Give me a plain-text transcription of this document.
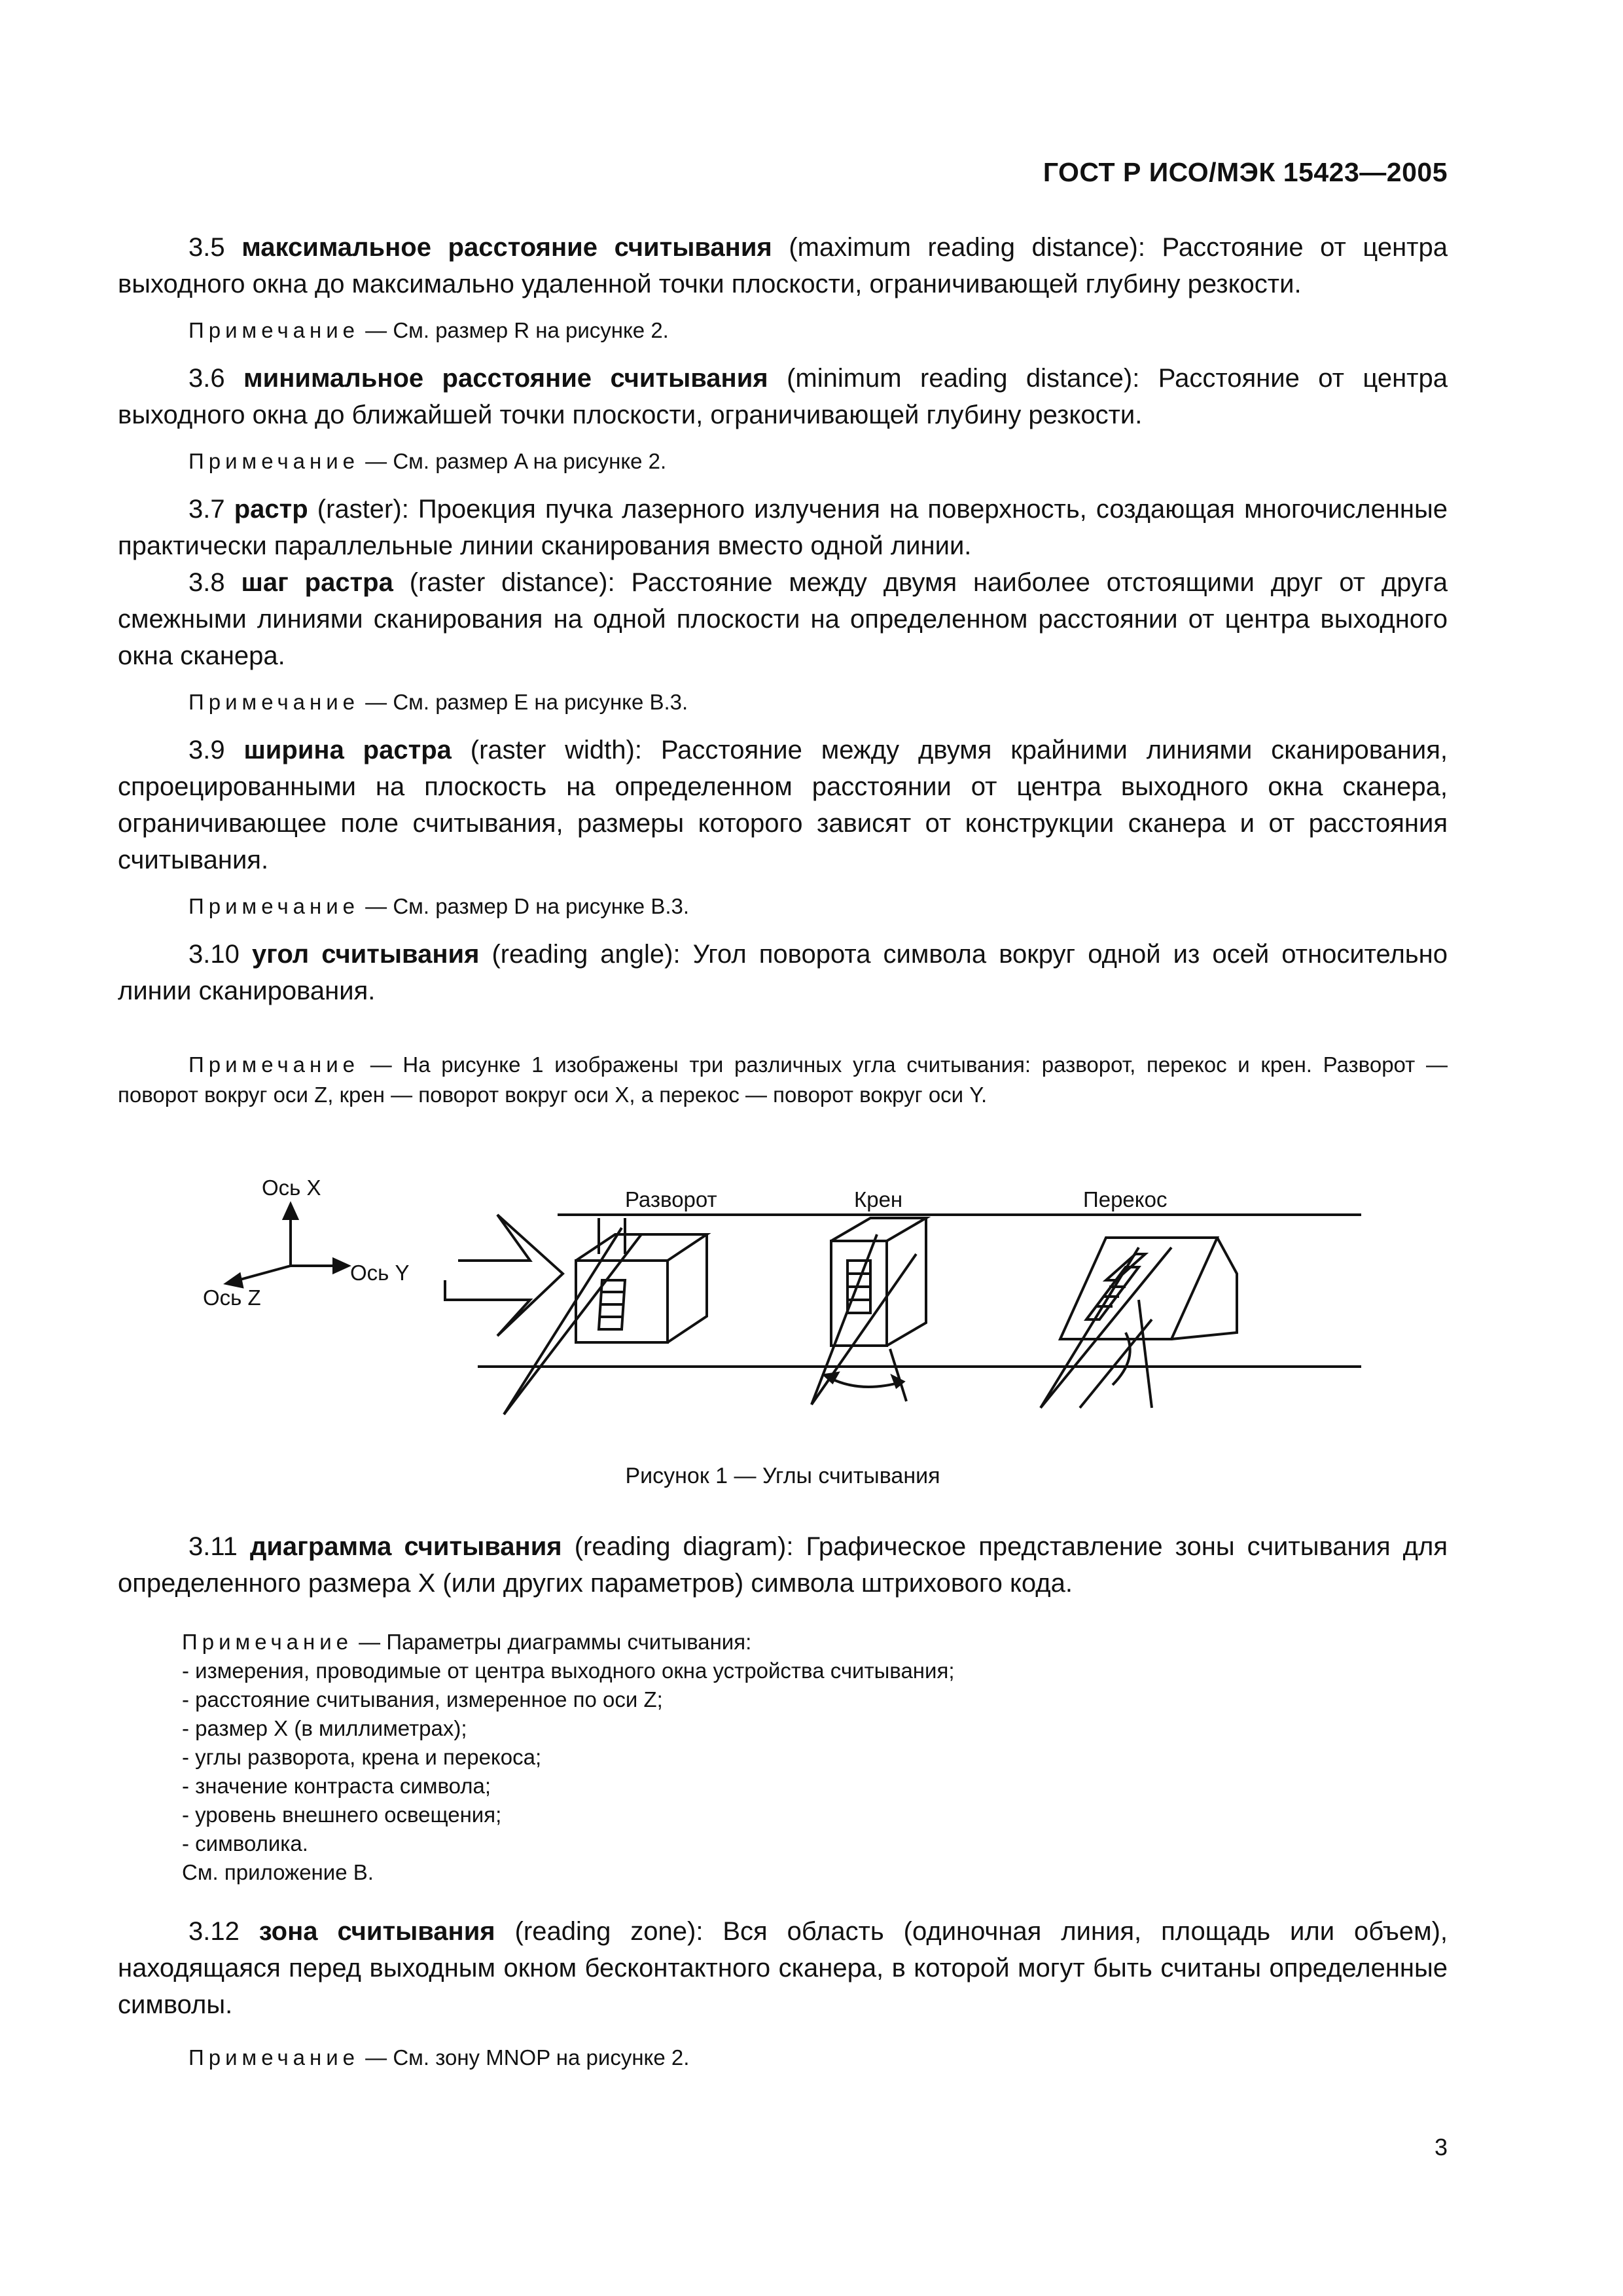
ГОСТ Р ИСО/МЭК 15423—2005

3.5 максимальное расстояние считывания (maximum reading distance): Расстояние от центра выходного окна до максимально удаленной точки плоскости, ограничивающей глубину резкости.

Примечание — См. размер R на рисунке 2.

3.6 минимальное расстояние считывания (minimum reading distance): Расстояние от центра выходного окна до ближайшей точки плоскости, ограничивающей глубину резкости.

Примечание — См. размер A на рисунке 2.

3.7 растр (raster): Проекция пучка лазерного излучения на поверхность, создающая многочисленные практически параллельные линии сканирования вместо одной линии.

3.8 шаг растра (raster distance): Расстояние между двумя наиболее отстоящими друг от друга смежными линиями сканирования на одной плоскости на определенном расстоянии от центра выходного окна сканера.

Примечание — См. размер E на рисунке B.3.

3.9 ширина растра (raster width): Расстояние между двумя крайними линиями сканирования, спроецированными на плоскость на определенном расстоянии от центра выходного окна сканера, ограничивающее поле считывания, размеры которого зависят от конструкции сканера и от расстояния считывания.

Примечание — См. размер D на рисунке B.3.

3.10 угол считывания (reading angle): Угол поворота символа вокруг одной из осей относительно линии сканирования.

Примечание — На рисунке 1 изображены три различных угла считывания: разворот, перекос и крен. Разворот — поворот вокруг оси Z, крен — поворот вокруг оси X, а перекос — поворот вокруг оси Y.

Ось X
Ось Y
Ось Z
Разворот	Крен	Перекос

Рисунок 1 — Углы считывания

3.11 диаграмма считывания (reading diagram): Графическое представление зоны считывания для определенного размера X (или других параметров) символа штрихового кода.

Примечание — Параметры диаграммы считывания:

- измерения, проводимые от центра выходного окна устройства считывания;

- расстояние считывания, измеренное по оси Z;

- размер X (в миллиметрах);

- углы разворота, крена и перекоса;

- значение контраста символа;

- уровень внешнего освещения;

- символика.

См. приложение B.

3.12 зона считывания (reading zone): Вся область (одиночная линия, площадь или объем), находящаяся перед выходным окном бесконтактного сканера, в которой могут быть считаны определенные символы.

Примечание — См. зону MNOP на рисунке 2.

3
